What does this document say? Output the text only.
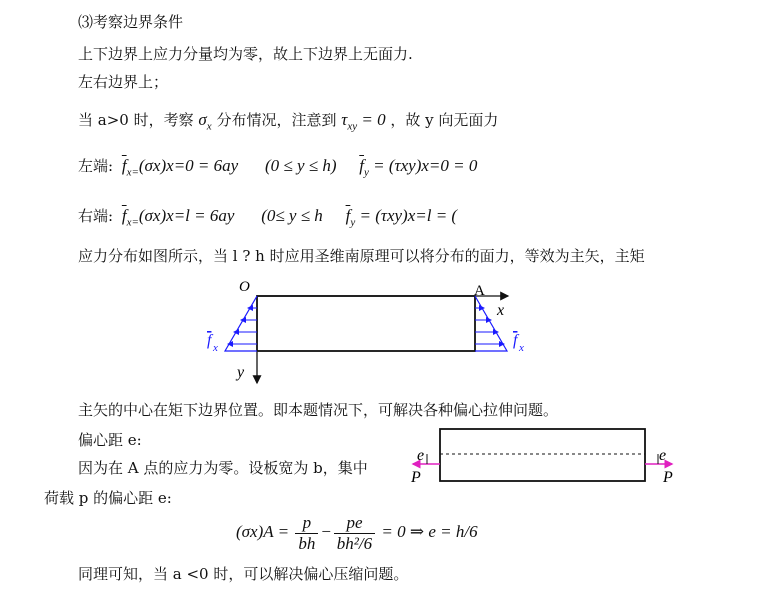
⑶考察边界条件
上下边界上应力分量均为零，故上下边界上无面力.
左右边界上；
当 a>0 时，考察 $\sigma_x$ 分布情况，注意到 $\tau_{xy} = 0$ ，故 y 向无面力
左端: $\overline{f}_{x=}(\sigma x)x=0 = 6ay$ (0 ≤ y ≤ h) $\overline{f}_y = (\tau xy)x=0 = 0$
右端: $\overline{f}_{x=}(\sigma x)x=l = 6ay$ (0≤ y ≤ h $\overline{f}_y = (\tau xy)x=l$ = (
应力分布如图所示，当 l ? h 时应用圣维南原理可以将分布的面力，等效为主矢，主矩
O	A
x
y
f x	f x
主矢的中心在矩下边界位置。即本题情况下，可解决各种偏心拉伸问题。
偏心距 e:
因为在 A 点的应力为零。设板宽为 b，集中
荷载 p 的偏心距 e:
e	e
P	P
$(\sigma x)A = \frac{p}{bh} - \frac{pe}{\text{bh²/6}} = 0$ ⇒ e = h/6
同理可知，当 a <0 时，可以解决偏心压缩问题。
